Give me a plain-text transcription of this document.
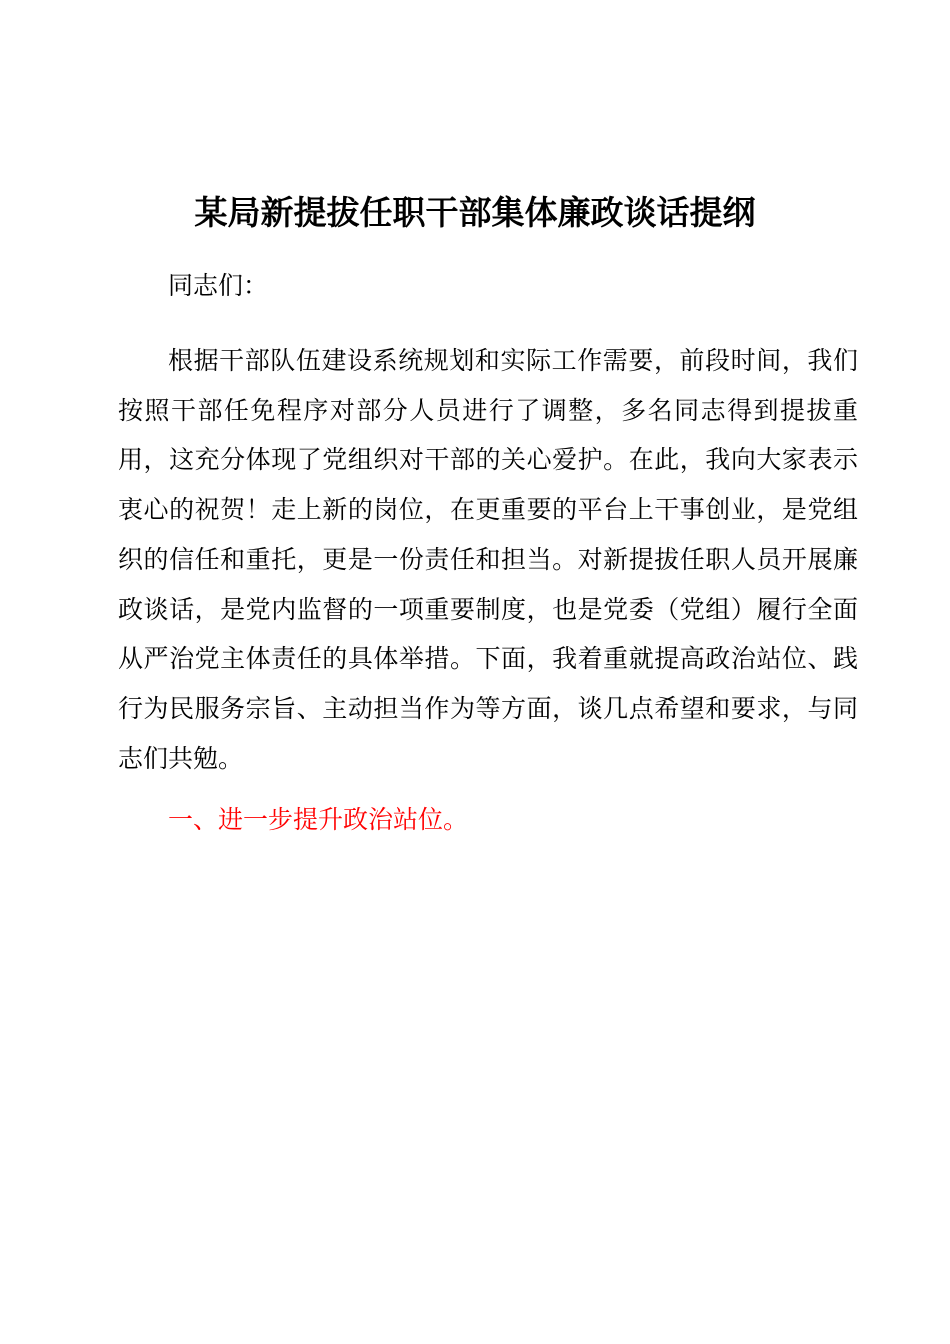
某局新提拔任职干部集体廉政谈话提纲

同志们：

根据干部队伍建设系统规划和实际工作需要，前段时间，我们按照干部任免程序对部分人员进行了调整，多名同志得到提拔重用，这充分体现了党组织对干部的关心爱护。在此，我向大家表示衷心的祝贺！走上新的岗位，在更重要的平台上干事创业，是党组织的信任和重托，更是一份责任和担当。对新提拔任职人员开展廉政谈话，是党内监督的一项重要制度，也是党委（党组）履行全面从严治党主体责任的具体举措。下面，我着重就提高政治站位、践行为民服务宗旨、主动担当作为等方面，谈几点希望和要求，与同志们共勉。

一、进一步提升政治站位。
